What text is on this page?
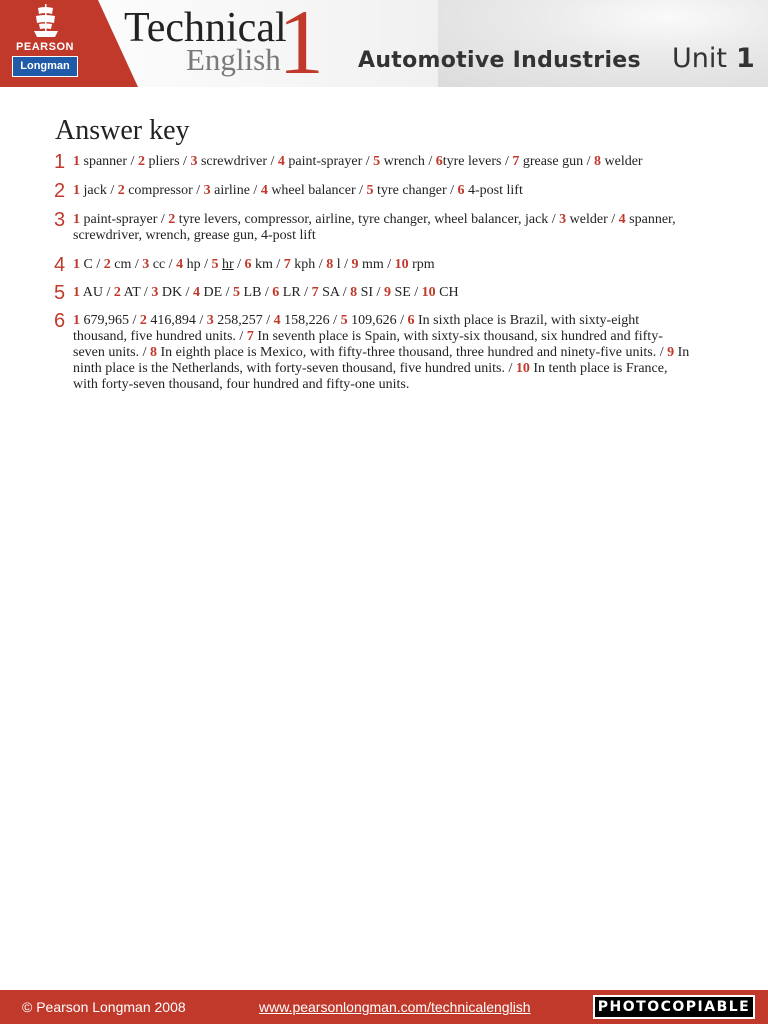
PEARSON
Longman
Technical
English
1 Automotive Industries Unit 1
Answer key
1 1 spanner / 2 pliers / 3 screwdriver / 4 paint-sprayer / 5 wrench / 6tyre levers / 7 grease gun / 8 welder
2 1 jack / 2 compressor / 3 airline / 4 wheel balancer / 5 tyre changer / 6 4-post lift
3 1 paint-sprayer / 2 tyre levers, compressor, airline, tyre changer, wheel balancer, jack / 3 welder / 4 spanner, screwdriver, wrench, grease gun, 4-post lift
4 1 C / 2 cm / 3 cc / 4 hp / 5 hr / 6 km / 7 kph / 8 l / 9 mm / 10 rpm
5 1 AU / 2 AT / 3 DK / 4 DE / 5 LB / 6 LR / 7 SA / 8 SI / 9 SE / 10 CH
6 1 679,965 / 2 416,894 / 3 258,257 / 4 158,226 / 5 109,626 / 6 In sixth place is Brazil, with sixty-eight thousand, five hundred units. / 7 In seventh place is Spain, with sixty-six thousand, six hundred and fifty-seven units. / 8 In eighth place is Mexico, with fifty-three thousand, three hundred and ninety-five units. / 9 In ninth place is the Netherlands, with forty-seven thousand, five hundred units. / 10 In tenth place is France, with forty-seven thousand, four hundred and fifty-one units.
© Pearson Longman 2008	www.pearsonlongman.com/technicalenglish	PHOTOCOPIABLE
